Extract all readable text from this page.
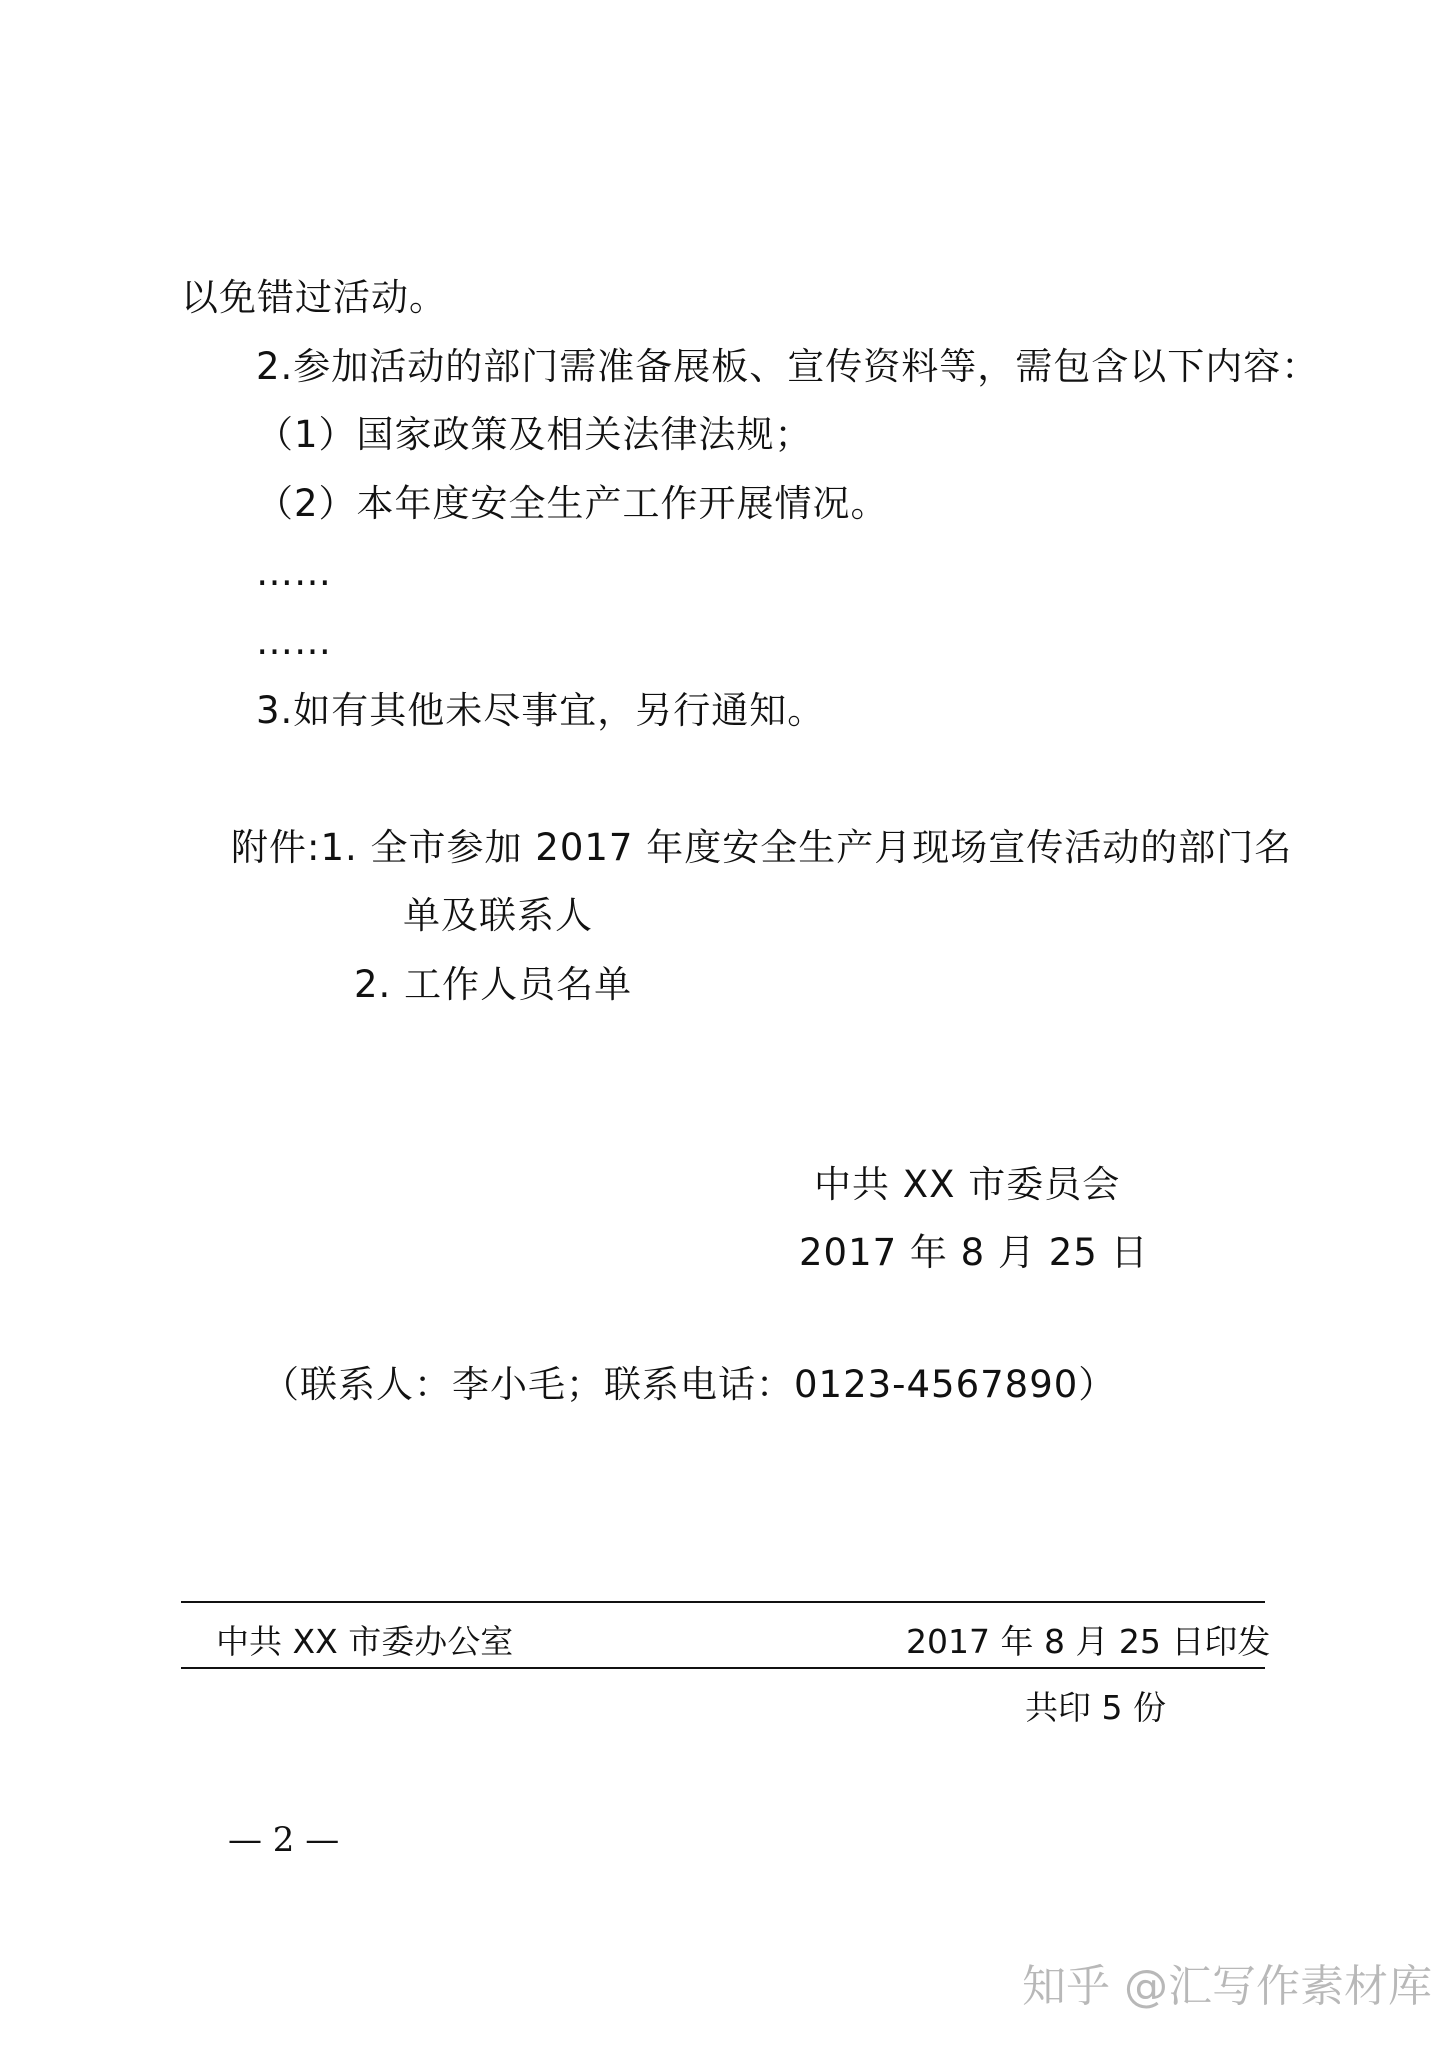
以免错过活动。
2.参加活动的部门需准备展板、宣传资料等，需包含以下内容：
（1）国家政策及相关法律法规；
（2）本年度安全生产工作开展情况。
……
……
3.如有其他未尽事宜，另行通知。
附件:1. 全市参加 2017 年度安全生产月现场宣传活动的部门名
单及联系人
2. 工作人员名单
中共 XX 市委员会
2017 年 8 月 25 日
（联系人：李小毛；联系电话：0123-4567890）
中共 XX 市委办公室	2017 年 8 月 25 日印发
共印 5 份
— 2 —
知乎 @汇写作素材库
